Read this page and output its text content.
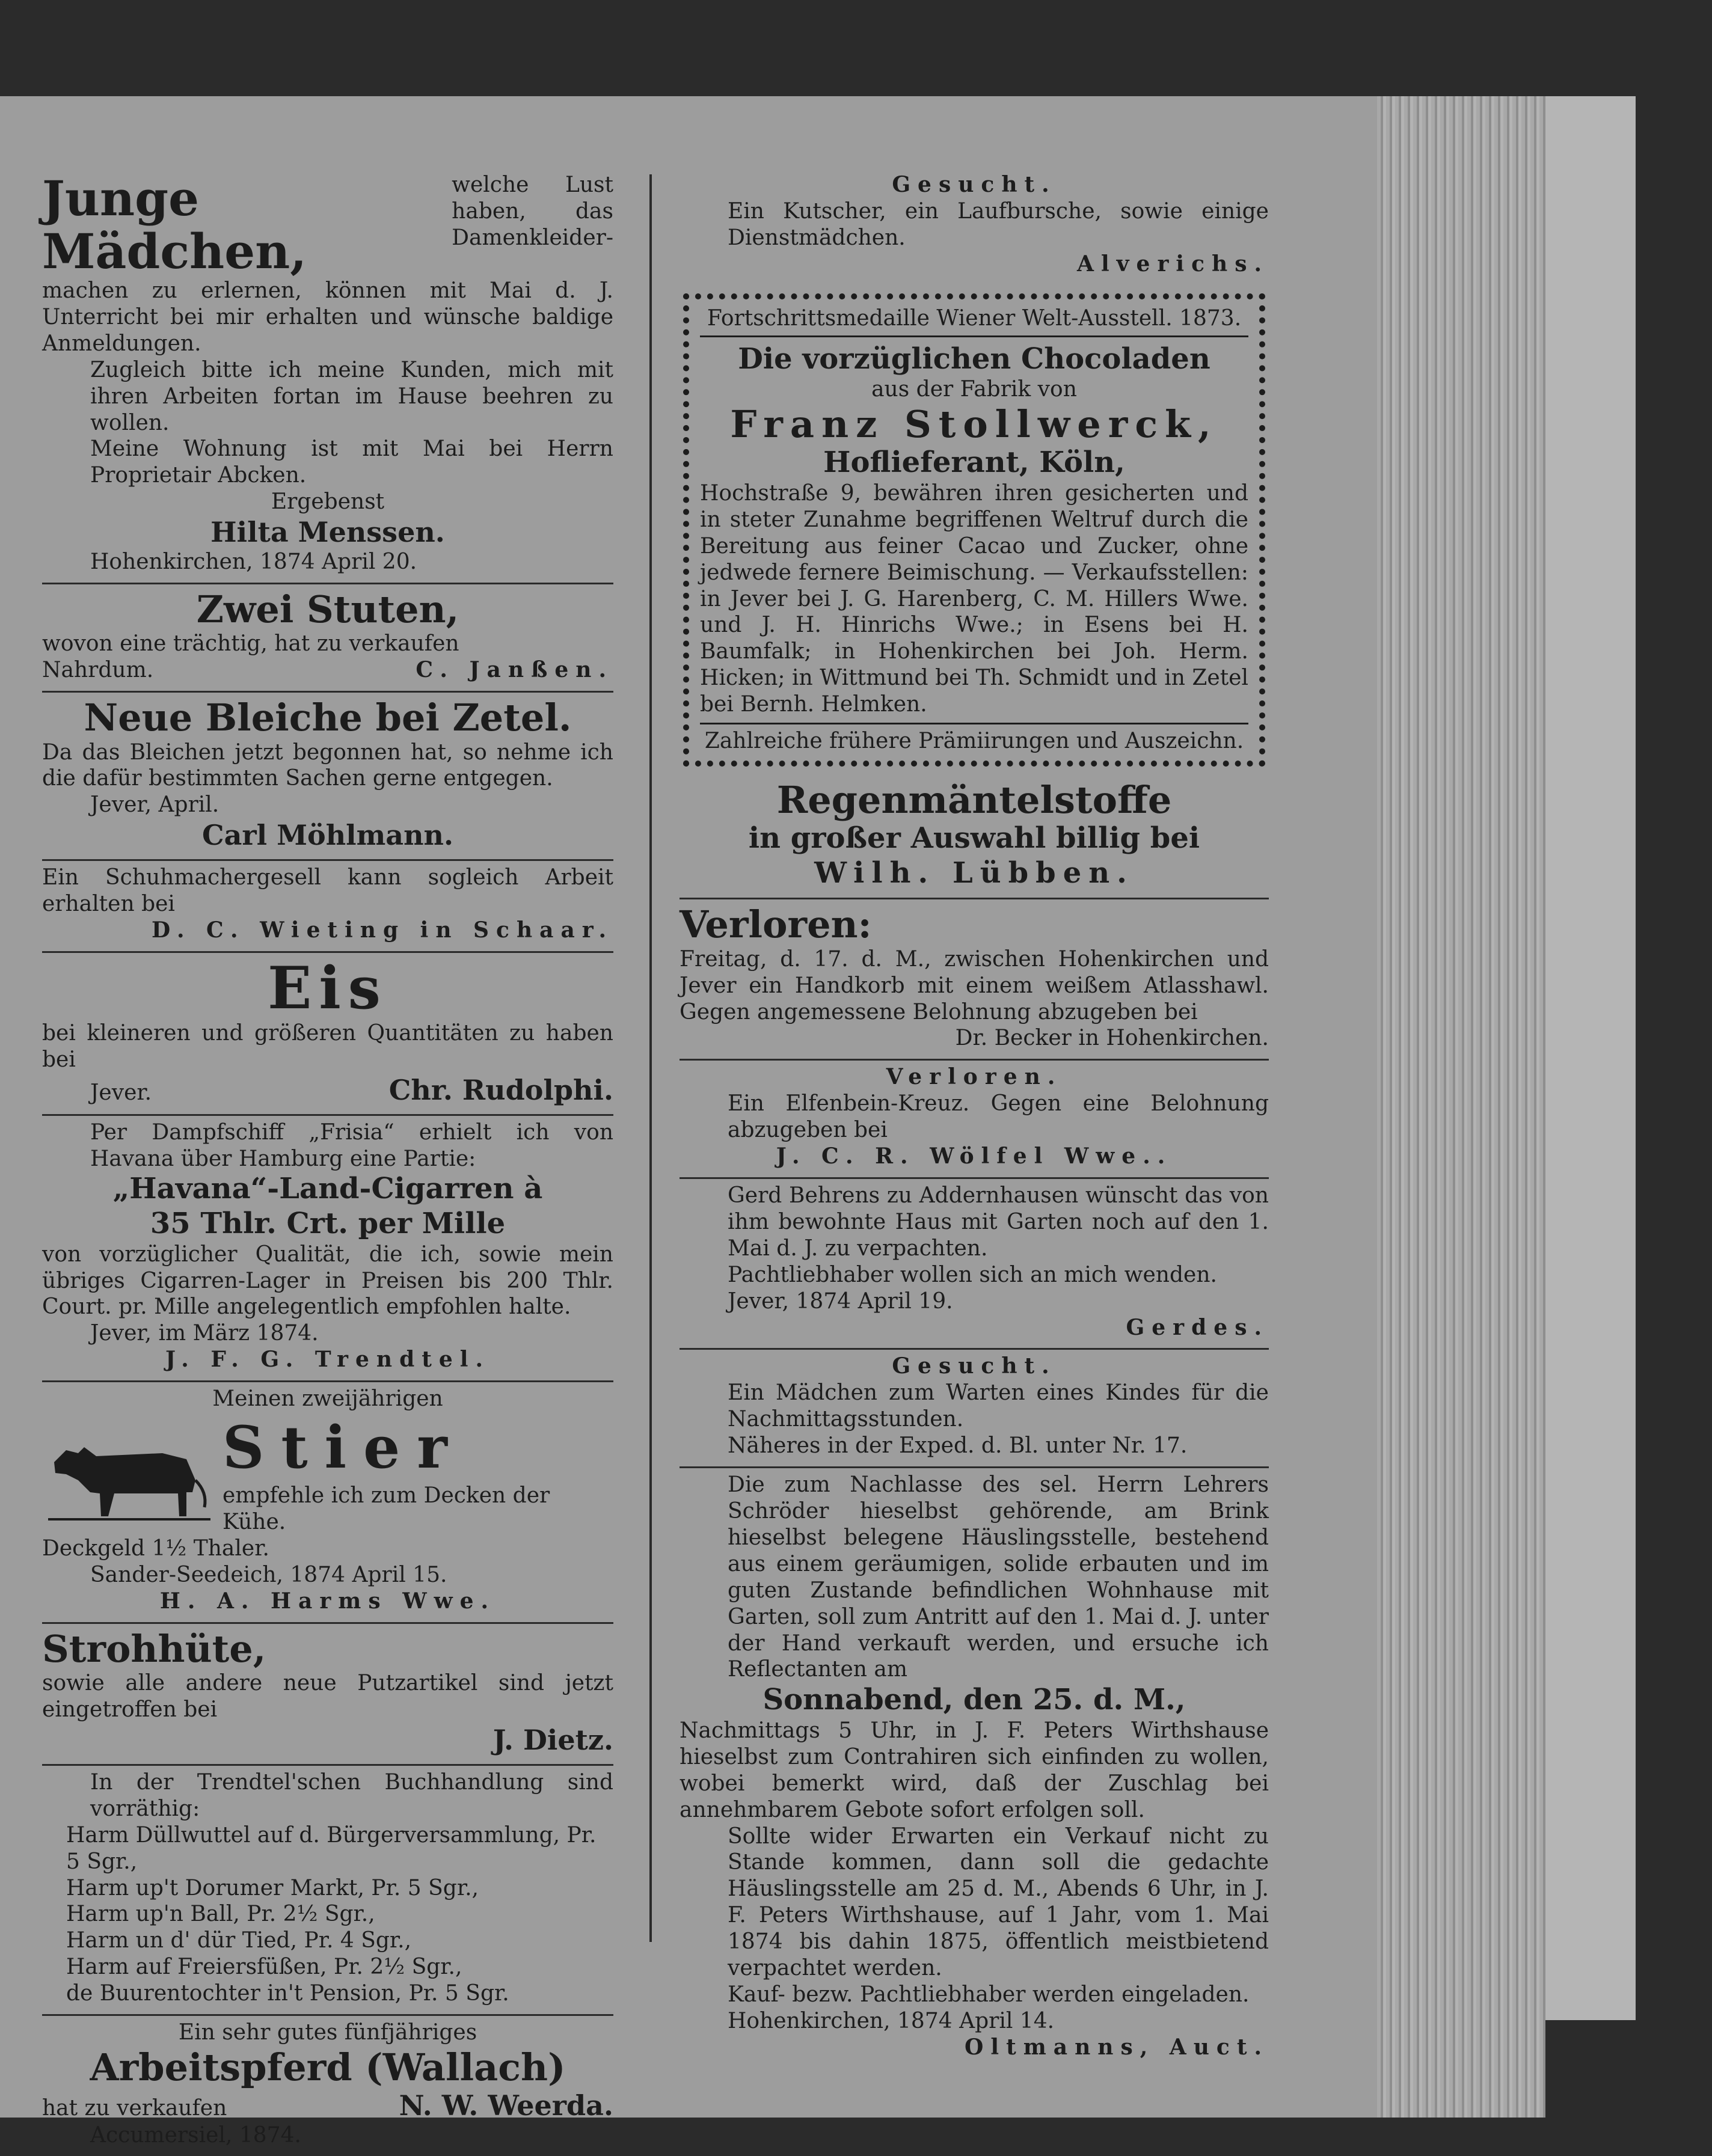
Junge Mädchen,
welche Lust haben, das Damenkleider-

machen zu erlernen, können mit Mai d. J. Unterricht bei mir erhalten und wünsche baldige Anmeldungen.

Zugleich bitte ich meine Kunden, mich mit ihren Arbeiten fortan im Hause beehren zu wollen.

Meine Wohnung ist mit Mai bei Herrn Proprietair Abcken.

Ergebenst
Hilta Menssen.
Hohenkirchen, 1874 April 20.
Zwei Stuten,

wovon eine trächtig, hat zu verkaufen

Nahrdum.	C. Janßen.
Neue Bleiche bei Zetel.

Da das Bleichen jetzt begonnen hat, so nehme ich die dafür bestimmten Sachen gerne entgegen.

Jever, April.
Carl Möhlmann.

Ein Schuhmachergesell kann sogleich Arbeit erhalten bei

D. C. Wieting in Schaar.
Eis

bei kleineren und größeren Quantitäten zu haben bei

Jever.	Chr. Rudolphi.

Per Dampfschiff „Frisia“ erhielt ich von Havana über Hamburg eine Partie:

„Havana“-Land-Cigarren à
35 Thlr. Crt. per Mille

von vorzüglicher Qualität, die ich, sowie mein übriges Cigarren-Lager in Preisen bis 200 Thlr. Court. pr. Mille angelegentlich empfohlen halte.

Jever, im März 1874.
J. F. G. Trendtel.
Meinen zweijährigen
Stier
empfehle ich zum Decken der Kühe.
Deckgeld 1½ Thaler.
Sander-Seedeich, 1874 April 15.
H. A. Harms Wwe.
Strohhüte,

sowie alle andere neue Putzartikel sind jetzt eingetroffen bei

J. Dietz.

In der Trendtel'schen Buchhandlung sind vorräthig:

Harm Düllwuttel auf d. Bürgerversammlung, Pr. 5 Sgr.,
Harm up't Dorumer Markt, Pr. 5 Sgr.,
Harm up'n Ball, Pr. 2½ Sgr.,
Harm un d' dür Tied, Pr. 4 Sgr.,
Harm auf Freiersfüßen, Pr. 2½ Sgr.,
de Buurentochter in't Pension, Pr. 5 Sgr.
Ein sehr gutes fünfjähriges
Arbeitspferd (Wallach)
hat zu verkaufen	N. W. Weerda.
Accumersiel, 1874.
Gesucht.

Ein Kutscher, ein Laufbursche, sowie einige Dienstmädchen.

Alverichs.
Fortschrittsmedaille Wiener Welt-Ausstell. 1873.
Die vorzüglichen Chocoladen
aus der Fabrik von
Franz Stollwerck,
Hoflieferant, Köln,

Hochstraße 9, bewähren ihren gesicherten und in steter Zunahme begriffenen Weltruf durch die Bereitung aus feiner Cacao und Zucker, ohne jedwede fernere Beimischung. — Verkaufsstellen: in Jever bei J. G. Harenberg, C. M. Hillers Wwe. und J. H. Hinrichs Wwe.; in Esens bei H. Baumfalk; in Hohenkirchen bei Joh. Herm. Hicken; in Wittmund bei Th. Schmidt und in Zetel bei Bernh. Helmken.

Zahlreiche frühere Prämiirungen und Auszeichn.
Regenmäntelstoffe
in großer Auswahl billig bei
Wilh. Lübben.
Verloren:

Freitag, d. 17. d. M., zwischen Hohenkirchen und Jever ein Handkorb mit einem weißem Atlasshawl. Gegen angemessene Belohnung abzugeben bei

Dr. Becker in Hohenkirchen.
Verloren.

Ein Elfenbein-Kreuz. Gegen eine Belohnung abzugeben bei

J. C. R. Wölfel Wwe..

Gerd Behrens zu Addernhausen wünscht das von ihm bewohnte Haus mit Garten noch auf den 1. Mai d. J. zu verpachten.

Pachtliebhaber wollen sich an mich wenden.

Jever, 1874 April 19.
Gerdes.
Gesucht.

Ein Mädchen zum Warten eines Kindes für die Nachmittagsstunden.

Näheres in der Exped. d. Bl. unter Nr. 17.

Die zum Nachlasse des sel. Herrn Lehrers Schröder hieselbst gehörende, am Brink hieselbst belegene Häuslingsstelle, bestehend aus einem geräumigen, solide erbauten und im guten Zustande befindlichen Wohnhause mit Garten, soll zum Antritt auf den 1. Mai d. J. unter der Hand verkauft werden, und ersuche ich Reflectanten am

Sonnabend, den 25. d. M.,

Nachmittags 5 Uhr, in J. F. Peters Wirthshause hieselbst zum Contrahiren sich einfinden zu wollen, wobei bemerkt wird, daß der Zuschlag bei annehmbarem Gebote sofort erfolgen soll.

Sollte wider Erwarten ein Verkauf nicht zu Stande kommen, dann soll die gedachte Häuslingsstelle am 25 d. M., Abends 6 Uhr, in J. F. Peters Wirthshause, auf 1 Jahr, vom 1. Mai 1874 bis dahin 1875, öffentlich meistbietend verpachtet werden.

Kauf- bezw. Pachtliebhaber werden eingeladen.

Hohenkirchen, 1874 April 14.
Oltmanns, Auct.
